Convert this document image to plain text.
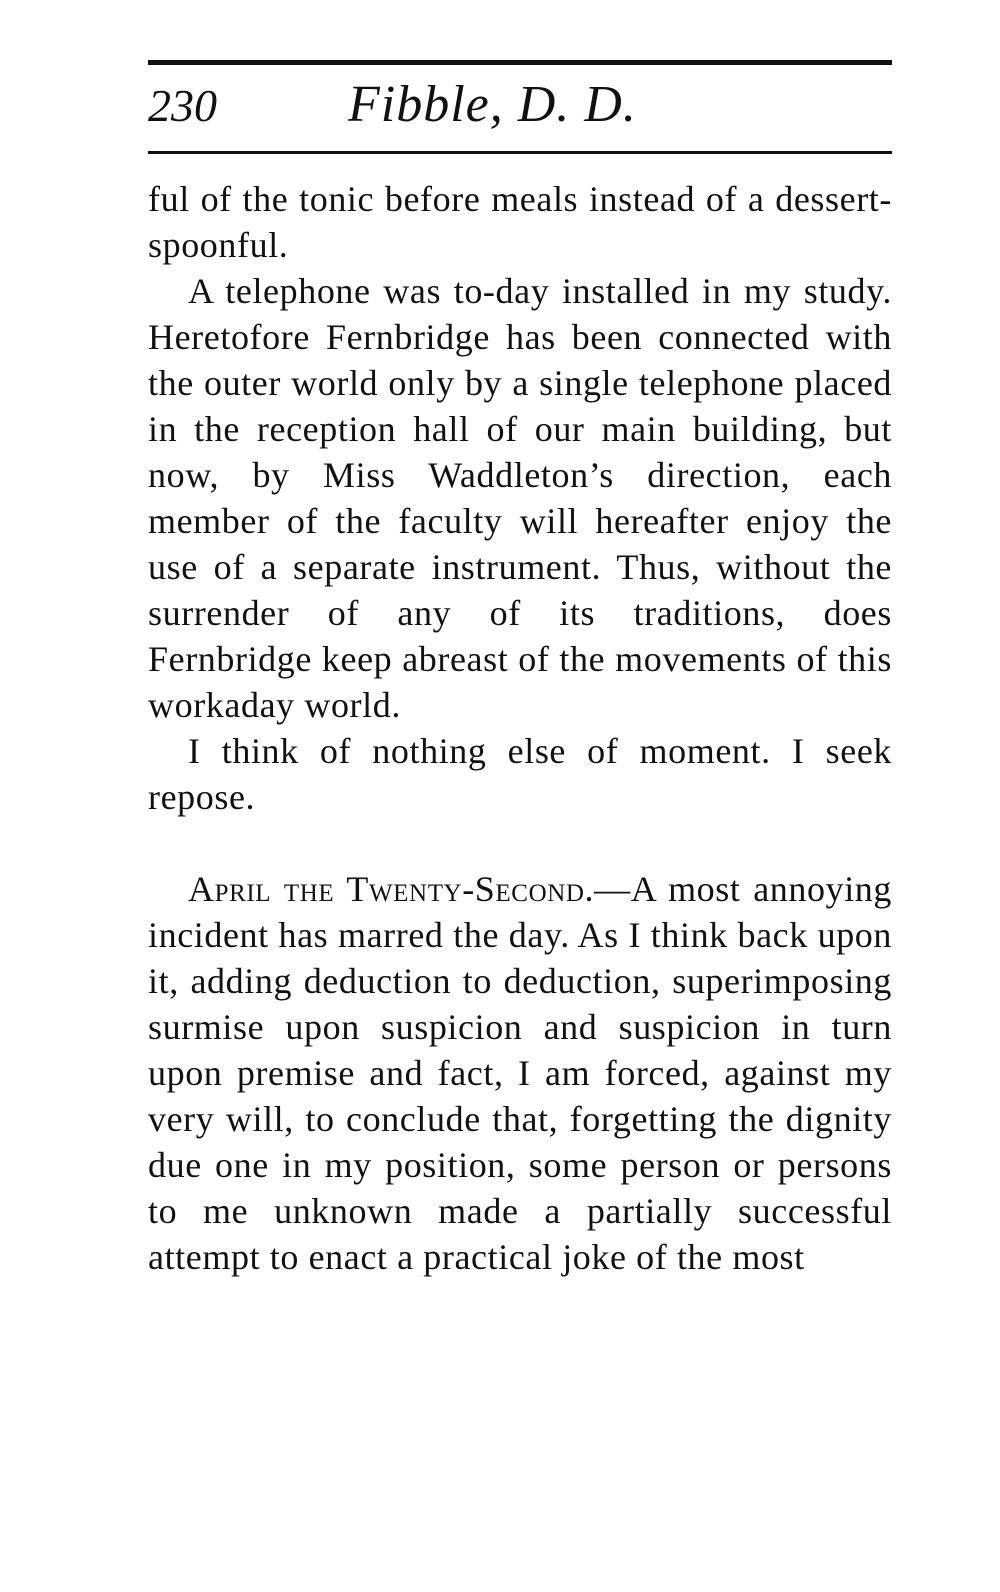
230	Fibble, D. D.

ful of the tonic before meals instead of a dessert-spoonful.

A telephone was to-day installed in my study. Heretofore Fernbridge has been connected with the outer world only by a single telephone placed in the reception hall of our main building, but now, by Miss Waddleton’s direction, each member of the faculty will hereafter enjoy the use of a separate instrument. Thus, without the surrender of any of its traditions, does Fernbridge keep abreast of the movements of this workaday world.

I think of nothing else of moment. I seek repose.

April the Twenty-Second.—A most annoying incident has marred the day. As I think back upon it, adding deduction to deduction, superimposing surmise upon suspicion and suspicion in turn upon premise and fact, I am forced, against my very will, to conclude that, forgetting the dignity due one in my position, some person or persons to me unknown made a partially successful attempt to enact a practical joke of the most
